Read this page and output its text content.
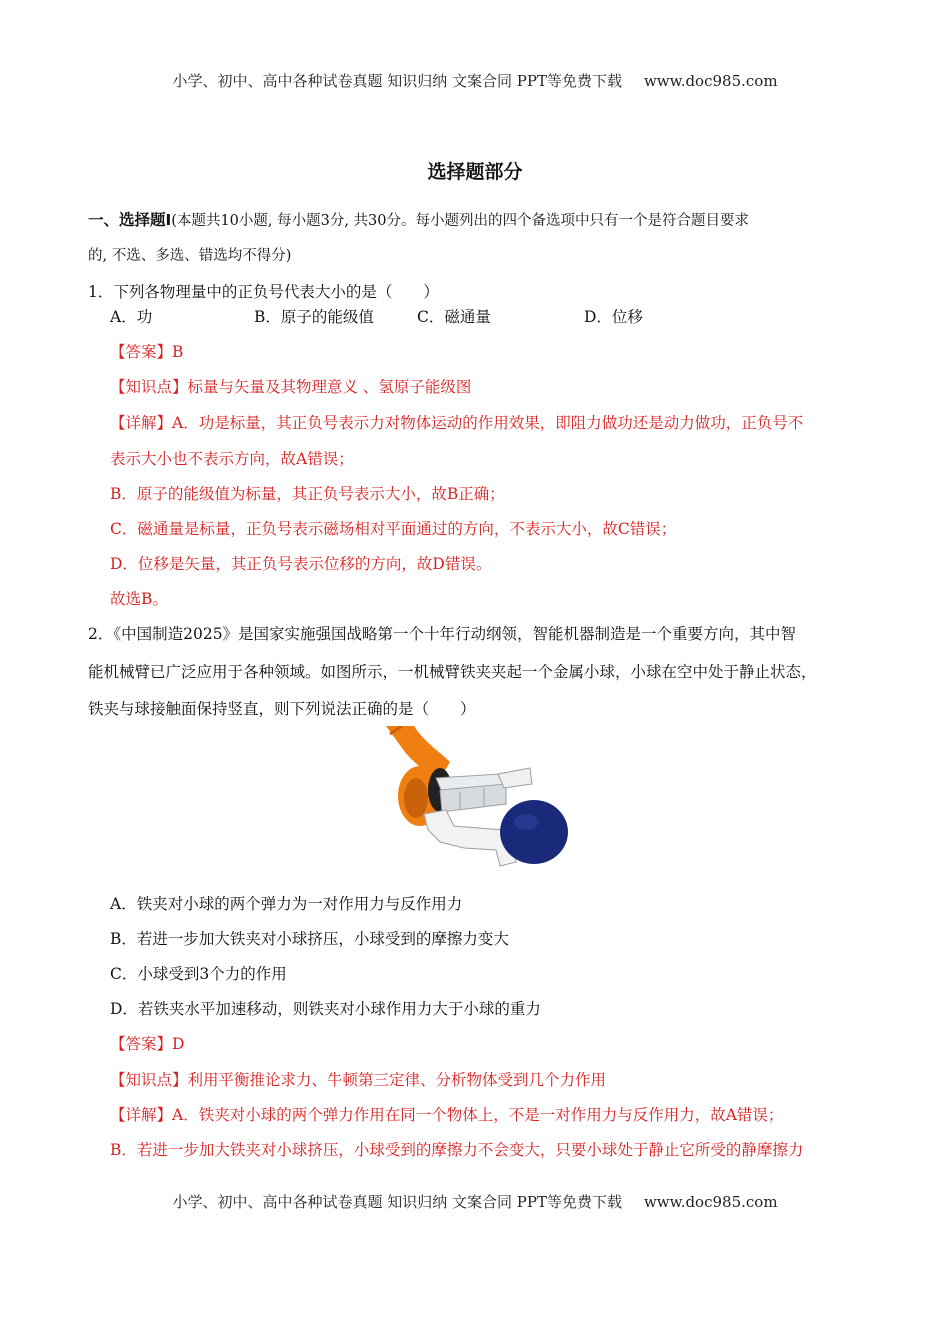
小学、初中、高中各种试卷真题 知识归纳 文案合同 PPT等免费下载 www.doc985.com
选择题部分
一、选择题Ⅰ(本题共10小题, 每小题3分, 共30分。每小题列出的四个备选项中只有一个是符合题目要求
的, 不选、多选、错选均不得分)
1．下列各物理量中的正负号代表大小的是（　　）
A．功	B．原子的能级值	C．磁通量	D．位移
【答案】B
【知识点】标量与矢量及其物理意义 、氢原子能级图
【详解】A．功是标量，其正负号表示力对物体运动的作用效果，即阻力做功还是动力做功，正负号不
表示大小也不表示方向，故A错误；
B．原子的能级值为标量，其正负号表示大小，故B正确；
C．磁通量是标量，正负号表示磁场相对平面通过的方向，不表示大小，故C错误；
D．位移是矢量，其正负号表示位移的方向，故D错误。
故选B。
2．《中国制造2025》是国家实施强国战略第一个十年行动纲领，智能机器制造是一个重要方向，其中智
能机械臂已广泛应用于各种领域。如图所示，一机械臂铁夹夹起一个金属小球，小球在空中处于静止状态，
铁夹与球接触面保持竖直，则下列说法正确的是（　　）
A．铁夹对小球的两个弹力为一对作用力与反作用力
B．若进一步加大铁夹对小球挤压，小球受到的摩擦力变大
C．小球受到3个力的作用
D．若铁夹水平加速移动，则铁夹对小球作用力大于小球的重力
【答案】D
【知识点】利用平衡推论求力、牛顿第三定律、分析物体受到几个力作用
【详解】A．铁夹对小球的两个弹力作用在同一个物体上，不是一对作用力与反作用力，故A错误；
B．若进一步加大铁夹对小球挤压，小球受到的摩擦力不会变大，只要小球处于静止它所受的静摩擦力
小学、初中、高中各种试卷真题 知识归纳 文案合同 PPT等免费下载 www.doc985.com
